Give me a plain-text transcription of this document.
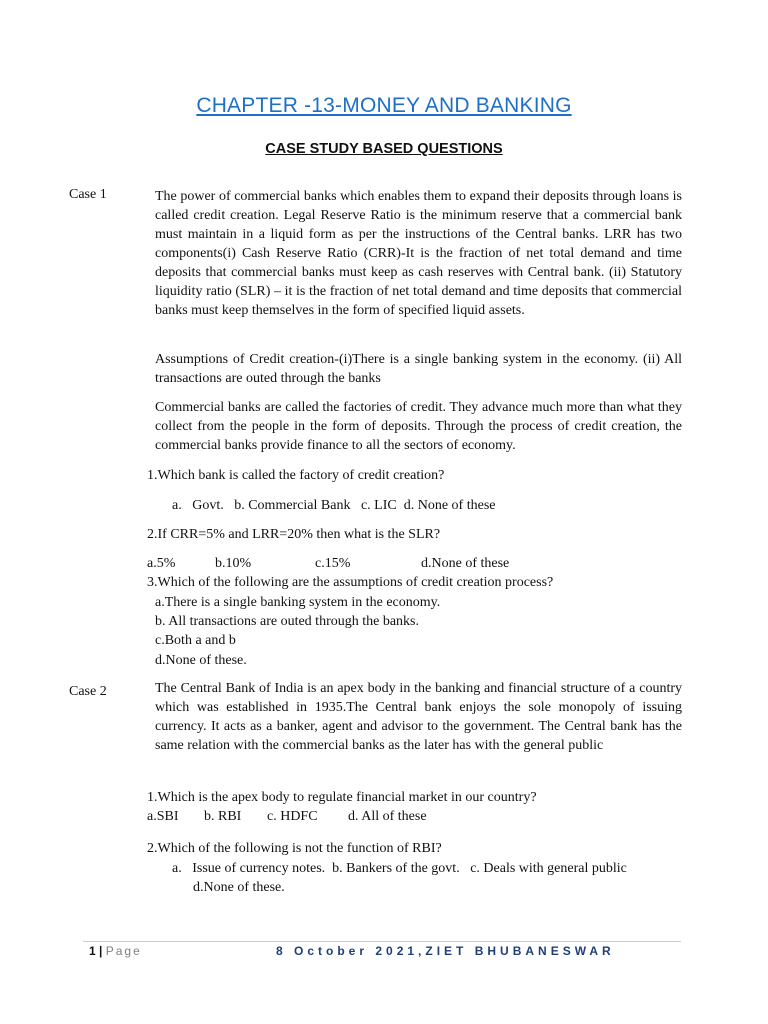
CHAPTER -13-MONEY AND BANKING
CASE STUDY BASED QUESTIONS
Case 1	The power of commercial banks which enables them to expand their deposits through loans is called credit creation. Legal Reserve Ratio is the minimum reserve that a commercial bank must maintain in a liquid form as per the instructions of the Central banks. LRR has two components(i) Cash Reserve Ratio (CRR)-It is the fraction of net total demand and time deposits that commercial banks must keep as cash reserves with Central bank. (ii) Statutory liquidity ratio (SLR) – it is the fraction of net total demand and time deposits that commercial banks must keep themselves in the form of specified liquid assets.

Assumptions of Credit creation-(i)There is a single banking system in the economy. (ii) All transactions are outed through the banks

Commercial banks are called the factories of credit. They advance much more than what they collect from the people in the form of deposits. Through the process of credit creation, the commercial banks provide finance to all the sectors of economy.

1.Which bank is called the factory of credit creation?

a.   Govt.   b. Commercial Bank   c. LIC  d. None of these

2.If CRR=5% and LRR=20% then what is the SLR?

a.5%	b.10%	c.15%	d.None of these

3.Which of the following are the assumptions of credit creation process?

a.There is a single banking system in the economy.

b. All transactions are outed through the banks.

c.Both a and b

d.None of these.

Case 2	The Central Bank of India is an apex body in the banking and financial structure of a country which was established in 1935.The Central bank enjoys the sole monopoly of issuing currency. It acts as a banker, agent and advisor to the government. The Central bank has the same relation with the commercial banks as the later has with the general public

1.Which is the apex body to regulate financial market in our country?

a.SBI b. RBI c. HDFC d. All of these

2.Which of the following is not the function of RBI?

a.   Issue of currency notes.  b. Bankers of the govt.   c. Deals with general public

d.None of these.

1 | Page	8 October 2021,ZIET BHUBANESWAR
